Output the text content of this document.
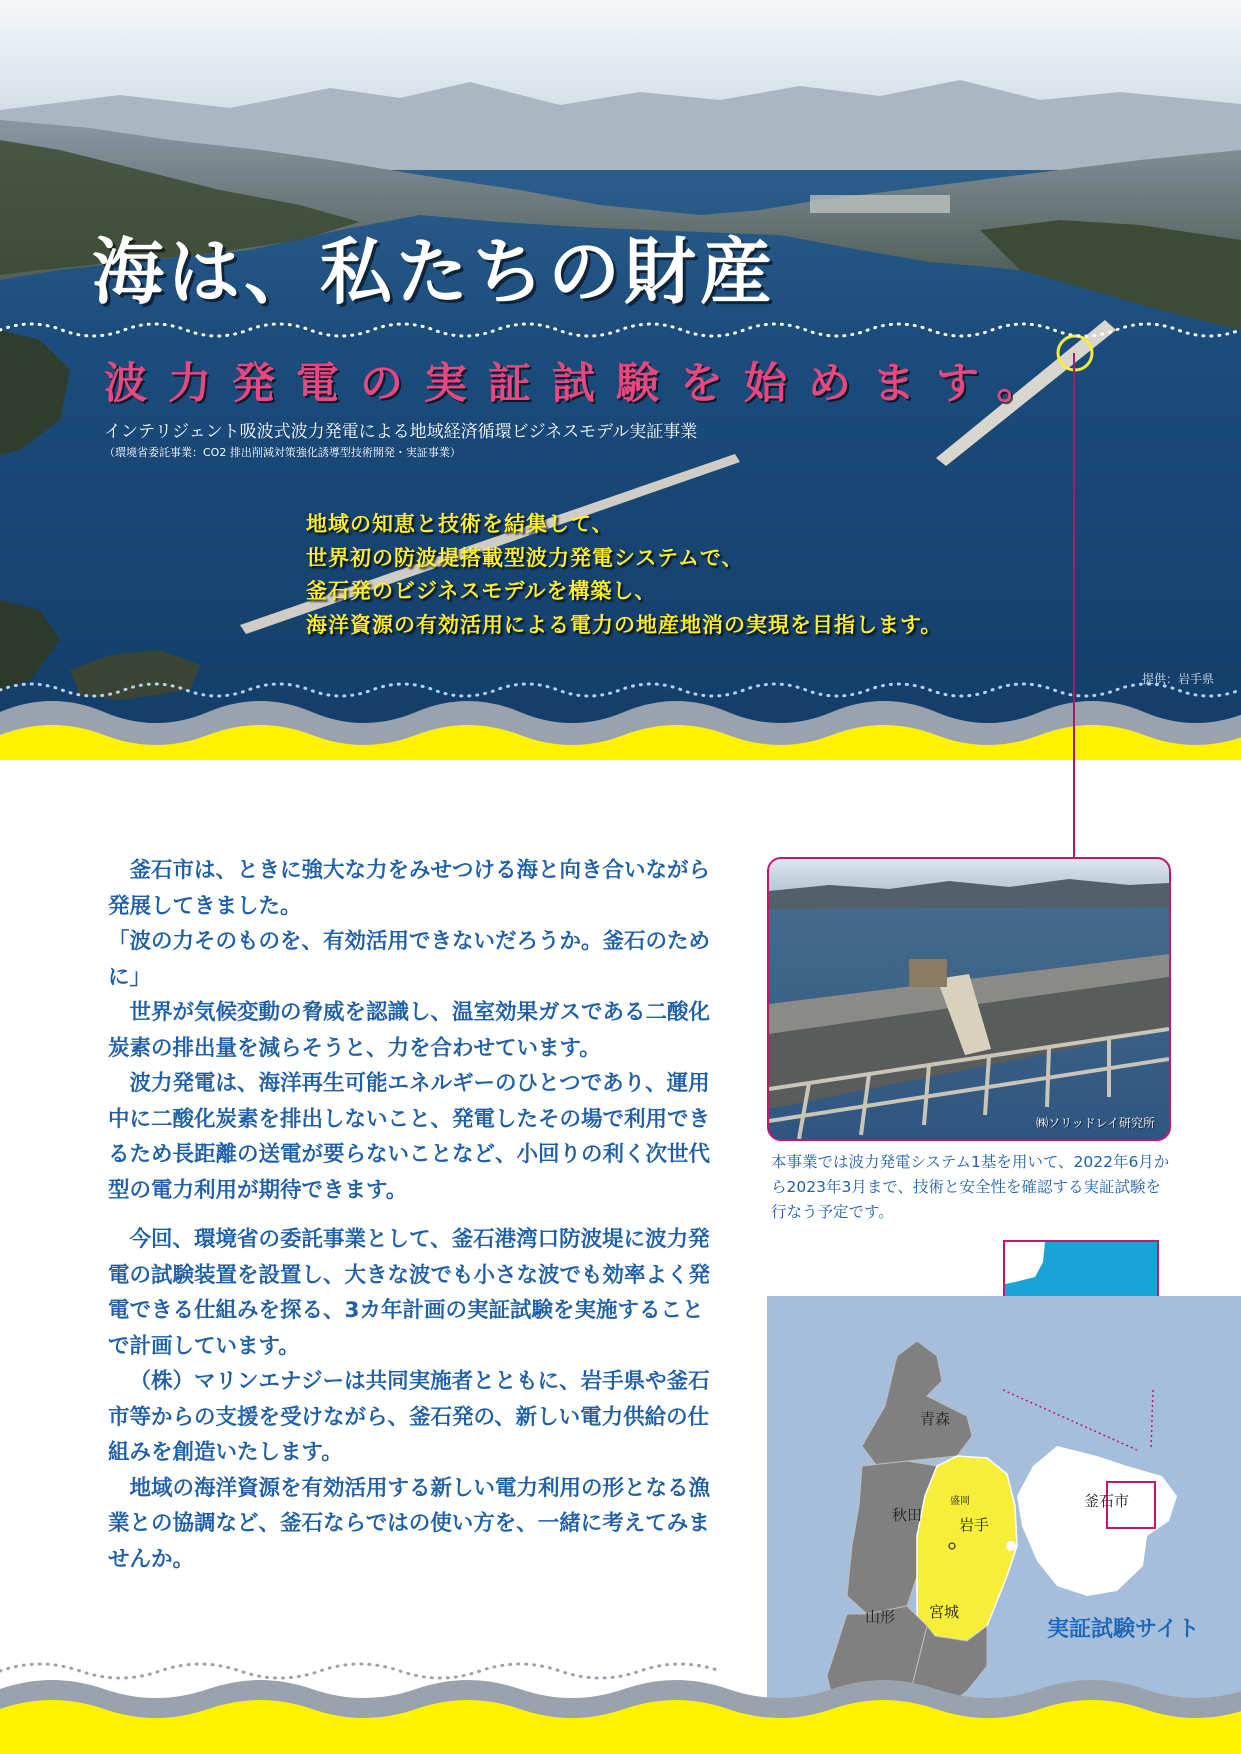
海は、私たちの財産
波力発電の実証試験を始めます。
インテリジェント吸波式波力発電による地域経済循環ビジネスモデル実証事業
（環境省委託事業：CO2 排出削減対策強化誘導型技術開発・実証事業）
地域の知恵と技術を結集して、
世界初の防波堤搭載型波力発電システムで、
釜石発のビジネスモデルを構築し、
海洋資源の有効活用による電力の地産地消の実現を目指します。
提供：岩手県

釜石市は、ときに強大な力をみせつける海と向き合いながら発展してきました。

「波の力そのものを、有効活用できないだろうか。釜石のために」

世界が気候変動の脅威を認識し、温室効果ガスである二酸化炭素の排出量を減らそうと、力を合わせています。

波力発電は、海洋再生可能エネルギーのひとつであり、運用中に二酸化炭素を排出しないこと、発電したその場で利用できるため長距離の送電が要らないことなど、小回りの利く次世代型の電力利用が期待できます。

今回、環境省の委託事業として、釜石港湾口防波堤に波力発電の試験装置を設置し、大きな波でも小さな波でも効率よく発電できる仕組みを探る、3カ年計画の実証試験を実施することで計画しています。

（株）マリンエナジーは共同実施者とともに、岩手県や釜石市等からの支援を受けながら、釜石発の、新しい電力供給の仕組みを創造いたします。

地域の海洋資源を有効活用する新しい電力利用の形となる漁業との協調など、釜石ならではの使い方を、一緒に考えてみませんか。

㈱ソリッドレイ研究所
本事業では波力発電システム1基を用いて、2022年6月から2023年3月まで、技術と安全性を確認する実証試験を行なう予定です。
青森
秋田
盛岡
岩手
釜石市
山形 宮城
実証試験サイト
